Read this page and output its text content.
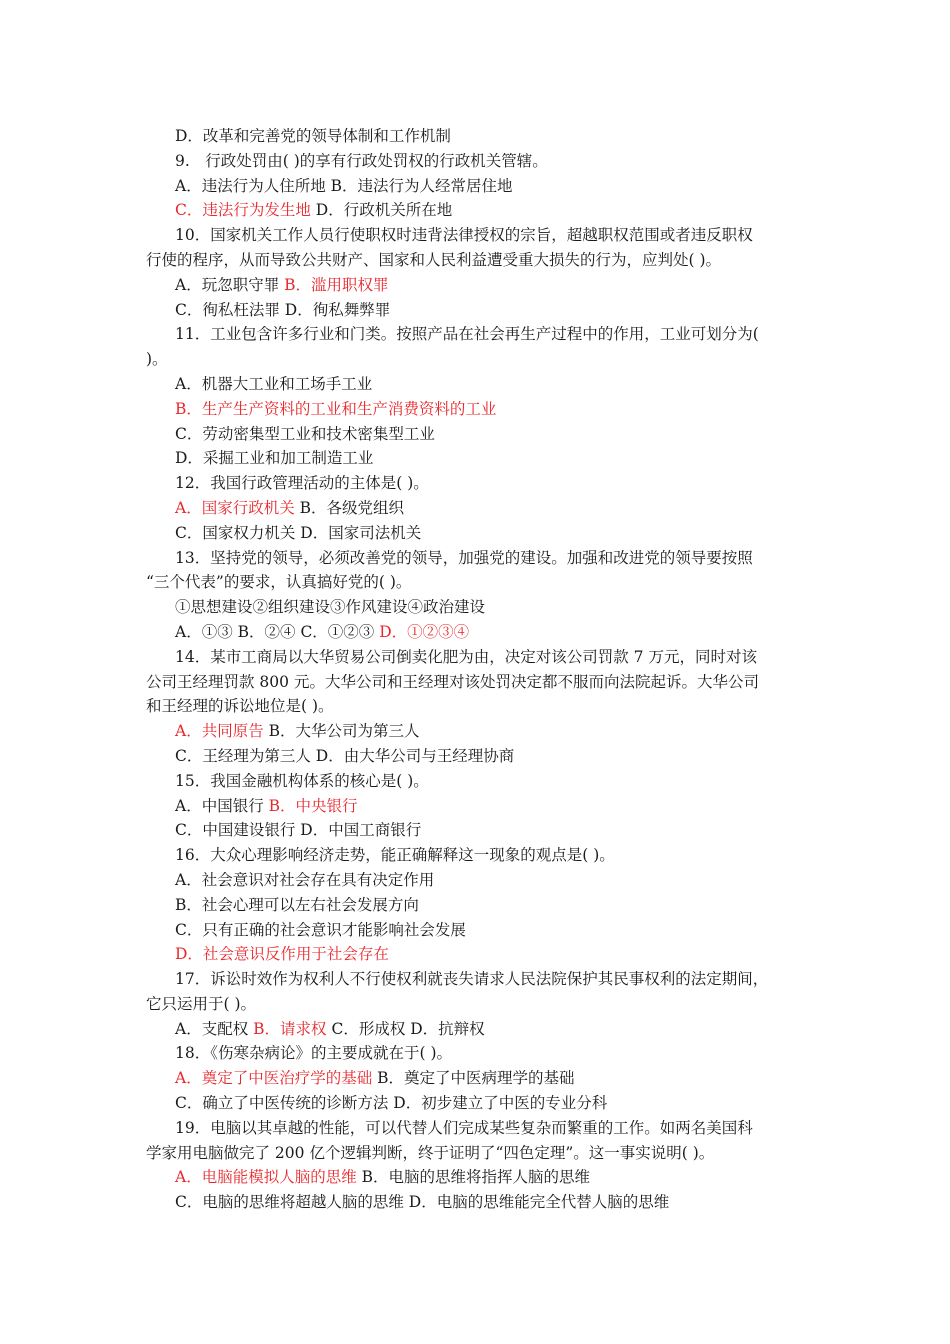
D．改革和完善党的领导体制和工作机制
9.　行政处罚由( )的享有行政处罚权的行政机关管辖。
A．违法行为人住所地 B．违法行为人经常居住地
C．违法行为发生地 D．行政机关所在地
10．国家机关工作人员行使职权时违背法律授权的宗旨，超越职权范围或者违反职权
行使的程序，从而导致公共财产、国家和人民利益遭受重大损失的行为，应判处( )。
A．玩忽职守罪 B．滥用职权罪
C．徇私枉法罪 D．徇私舞弊罪
11．工业包含许多行业和门类。按照产品在社会再生产过程中的作用，工业可划分为(
)。
A．机器大工业和工场手工业
B．生产生产资料的工业和生产消费资料的工业
C．劳动密集型工业和技术密集型工业
D．采掘工业和加工制造工业
12．我国行政管理活动的主体是( )。
A．国家行政机关 B．各级党组织
C．国家权力机关 D．国家司法机关
13．坚持党的领导，必须改善党的领导，加强党的建设。加强和改进党的领导要按照
“三个代表”的要求，认真搞好党的( )。
①思想建设②组织建设③作风建设④政治建设
A．①③ B．②④ C．①②③ D．①②③④
14．某市工商局以大华贸易公司倒卖化肥为由，决定对该公司罚款 7 万元，同时对该
公司王经理罚款 800 元。大华公司和王经理对该处罚决定都不服而向法院起诉。大华公司
和王经理的诉讼地位是( )。
A．共同原告 B．大华公司为第三人
C．王经理为第三人 D．由大华公司与王经理协商
15．我国金融机构体系的核心是( )。
A．中国银行 B．中央银行
C．中国建设银行 D．中国工商银行
16．大众心理影响经济走势，能正确解释这一现象的观点是( )。
A．社会意识对社会存在具有决定作用
B．社会心理可以左右社会发展方向
C．只有正确的社会意识才能影响社会发展
D．社会意识反作用于社会存在
17．诉讼时效作为权利人不行使权利就丧失请求人民法院保护其民事权利的法定期间，
它只运用于( )。
A．支配权 B．请求权 C．形成权 D．抗辩权
18．《伤寒杂病论》的主要成就在于( )。
A．奠定了中医治疗学的基础 B．奠定了中医病理学的基础
C．确立了中医传统的诊断方法 D．初步建立了中医的专业分科
19．电脑以其卓越的性能，可以代替人们完成某些复杂而繁重的工作。如两名美国科
学家用电脑做完了 200 亿个逻辑判断，终于证明了“四色定理”。这一事实说明( )。
A．电脑能模拟人脑的思维 B．电脑的思维将指挥人脑的思维
C．电脑的思维将超越人脑的思维 D．电脑的思维能完全代替人脑的思维
